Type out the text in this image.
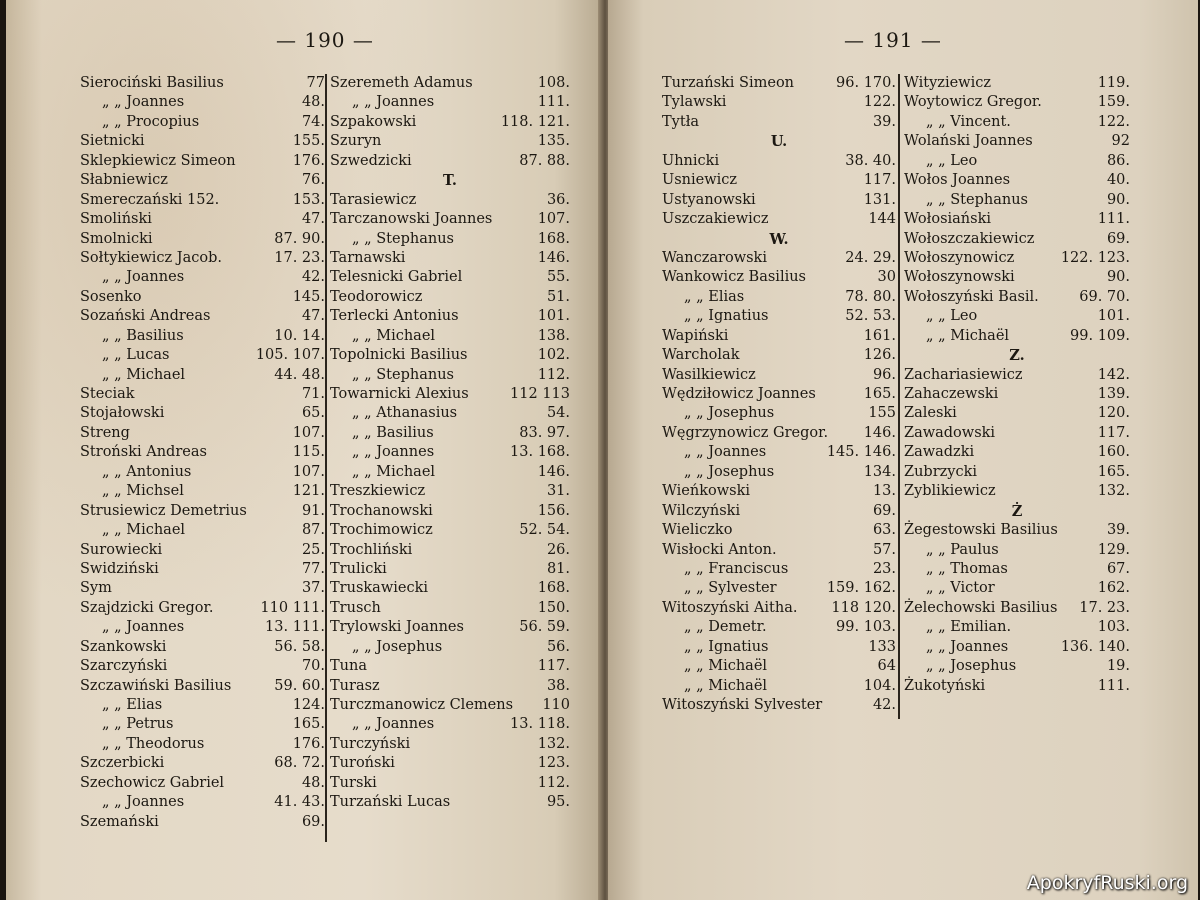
— 190 —
Sierociński Basilius	77
„ „ Joannes	48.
„ „ Procopius	74.
Sietnicki	155.
Sklepkiewicz Simeon	176.
Słabniewicz	76.
Smereczański 152.	153.
Smoliński	47.
Smolnicki	87. 90.
Sołtykiewicz Jacob.	17. 23.
„ „ Joannes	42.
Sosenko	145.
Sozański Andreas	47.
„ „ Basilius	10. 14.
„ „ Lucas	105. 107.
„ „ Michael	44. 48.
Steciak	71.
Stojałowski	65.
Streng	107.
Stroński Andreas	115.
„ „ Antonius	107.
„ „ Michsel	121.
Strusiewicz Demetrius	91.
„ „ Michael	87.
Surowiecki	25.
Swidziński	77.
Sym	37.
Szajdzicki Gregor.	110 111.
„ „ Joannes	13. 111.
Szankowski	56. 58.
Szarczyński	70.
Szczawiński Basilius	59. 60.
„ „ Elias	124.
„ „ Petrus	165.
„ „ Theodorus	176.
Szczerbicki	68. 72.
Szechowicz Gabriel	48.
„ „ Joannes	41. 43.
Szemański	69.
Szeremeth Adamus	108.
„ „ Joannes	111.
Szpakowski	118. 121.
Szuryn	135.
Szwedzicki	87. 88.
T.
Tarasiewicz	36.
Tarczanowski Joannes	107.
„ „ Stephanus	168.
Tarnawski	146.
Telesnicki Gabriel	55.
Teodorowicz	51.
Terlecki Antonius	101.
„ „ Michael	138.
Topolnicki Basilius	102.
„ „ Stephanus	112.
Towarnicki Alexius	112 113
„ „ Athanasius	54.
„ „ Basilius	83. 97.
„ „ Joannes	13. 168.
„ „ Michael	146.
Treszkiewicz	31.
Trochanowski	156.
Trochimowicz	52. 54.
Trochliński	26.
Trulicki	81.
Truskawiecki	168.
Trusch	150.
Trylowski Joannes	56. 59.
„ „ Josephus	56.
Tuna	117.
Turasz	38.
Turczmanowicz Clemens 110
„ „ Joannes	13. 118.
Turczyński	132.
Turoński	123.
Turski	112.
Turzański Lucas	95.
— 191 —
Turzański Simeon	96. 170.
Tylawski	122.
Tytła	39.
U.
Uhnicki	38. 40.
Usniewicz	117.
Ustyanowski	131.
Uszczakiewicz	144
W.
Wanczarowski	24. 29.
Wankowicz Basilius	30
„ „ Elias	78. 80.
„ „ Ignatius	52. 53.
Wapiński	161.
Warcholak	126.
Wasilkiewicz	96.
Wędziłowicz Joannes	165.
„ „ Josephus	155
Węgrzynowicz Gregor. 146.
„ „ Joannes	145. 146.
„ „ Josephus	134.
Wieńkowski	13.
Wilczyński	69.
Wieliczko	63.
Wisłocki Anton.	57.
„ „ Franciscus	23.
„ „ Sylvester	159. 162.
Witoszyński Aitha. 118 120.
„ „ Demetr.	99. 103.
„ „ Ignatius	133
„ „ Michaël	64
„ „ Michaël	104.
Witoszyński Sylvester	42.
Wityziewicz	119.
Woytowicz Gregor.	159.
„ „ Vincent.	122.
Wolański Joannes	92
„ „ Leo	86.
Wołos Joannes	40.
„ „ Stephanus	90.
Wołosiański	111.
Wołoszczakiewicz	69.
Wołoszynowicz	122. 123.
Wołoszynowski	90.
Wołoszyński Basil.	69. 70.
„ „ Leo	101.
„ „ Michaël	99. 109.
Z.
Zachariasiewicz	142.
Zahaczewski	139.
Zaleski	120.
Zawadowski	117.
Zawadzki	160.
Zubrzycki	165.
Zyblikiewicz	132.
Ż
Żegestowski Basilius	39.
„ „ Paulus	129.
„ „ Thomas	67.
„ „ Victor	162.
Żelechowski Basilius 17. 23.
„ „ Emilian.	103.
„ „ Joannes	136. 140.
„ „ Josephus	19.
Żukotyński	111.
ApokryfRuski.org
